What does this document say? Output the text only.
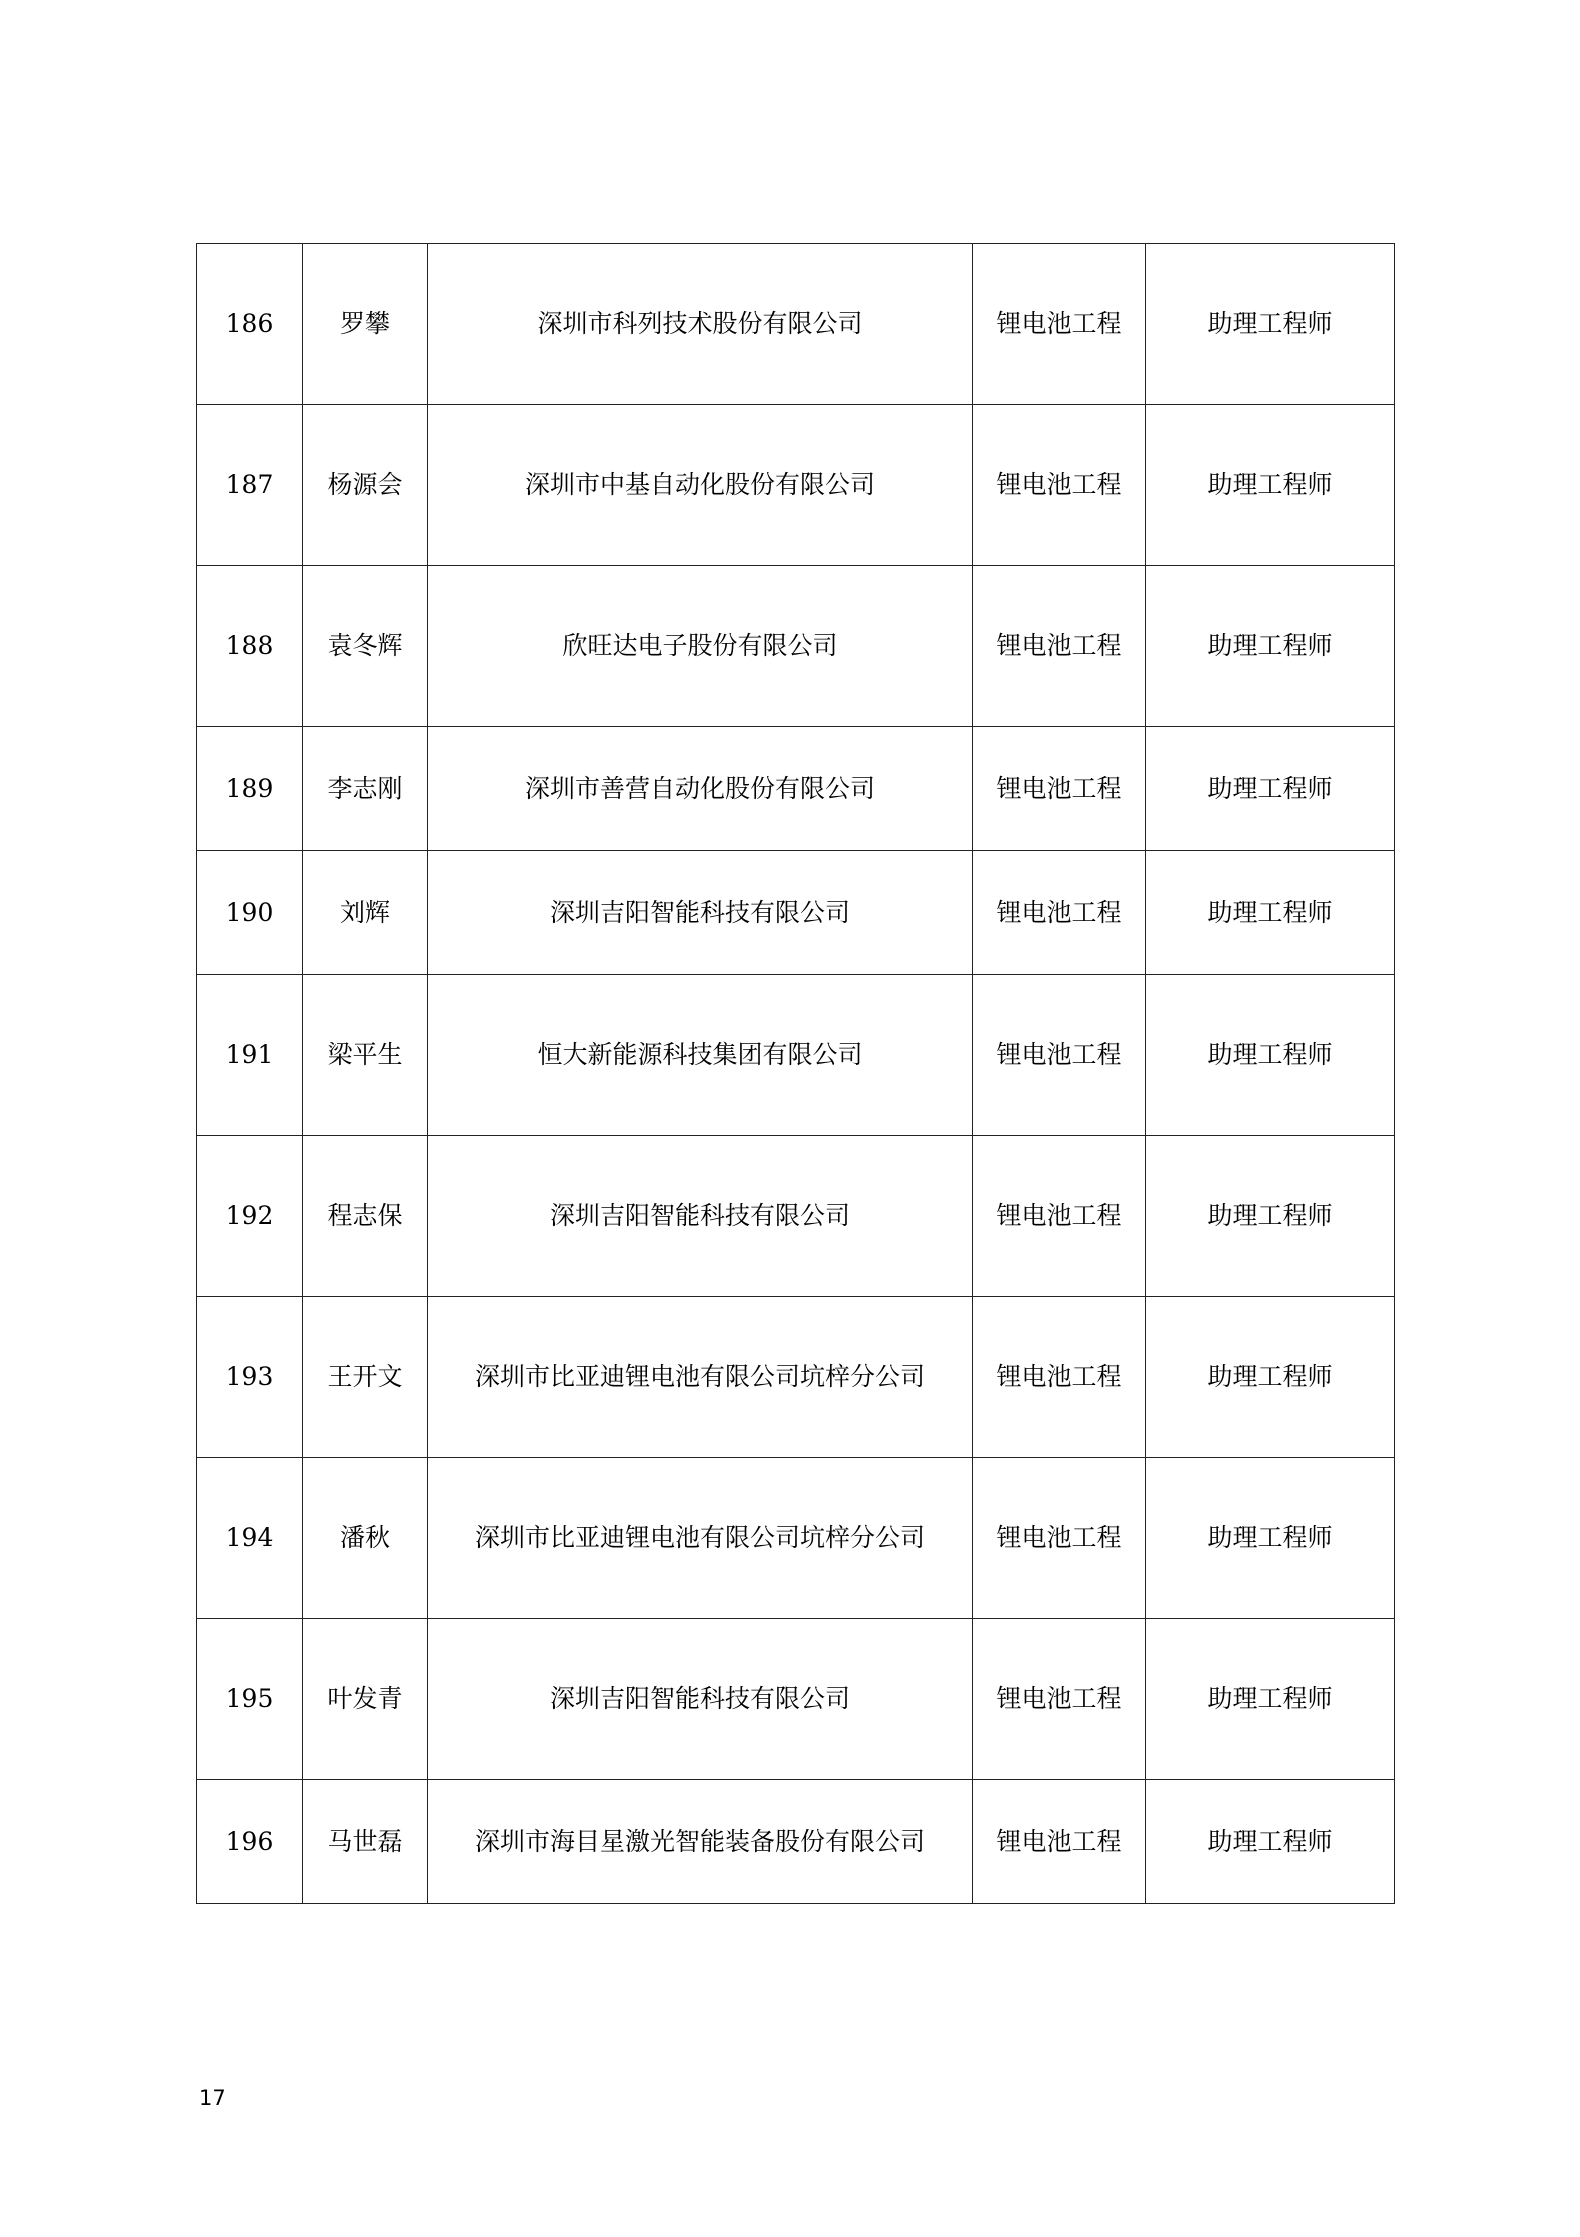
186	罗攀	深圳市科列技术股份有限公司	锂电池工程	助理工程师
187	杨源会	深圳市中基自动化股份有限公司	锂电池工程	助理工程师
188	袁冬辉	欣旺达电子股份有限公司	锂电池工程	助理工程师
189	李志刚	深圳市善营自动化股份有限公司	锂电池工程	助理工程师
190	刘辉	深圳吉阳智能科技有限公司	锂电池工程	助理工程师
191	梁平生	恒大新能源科技集团有限公司	锂电池工程	助理工程师
192	程志保	深圳吉阳智能科技有限公司	锂电池工程	助理工程师
193	王开文	深圳市比亚迪锂电池有限公司坑梓分公司	锂电池工程	助理工程师
194	潘秋	深圳市比亚迪锂电池有限公司坑梓分公司	锂电池工程	助理工程师
195	叶发青	深圳吉阳智能科技有限公司	锂电池工程	助理工程师
196	马世磊	深圳市海目星激光智能装备股份有限公司	锂电池工程	助理工程师
17
